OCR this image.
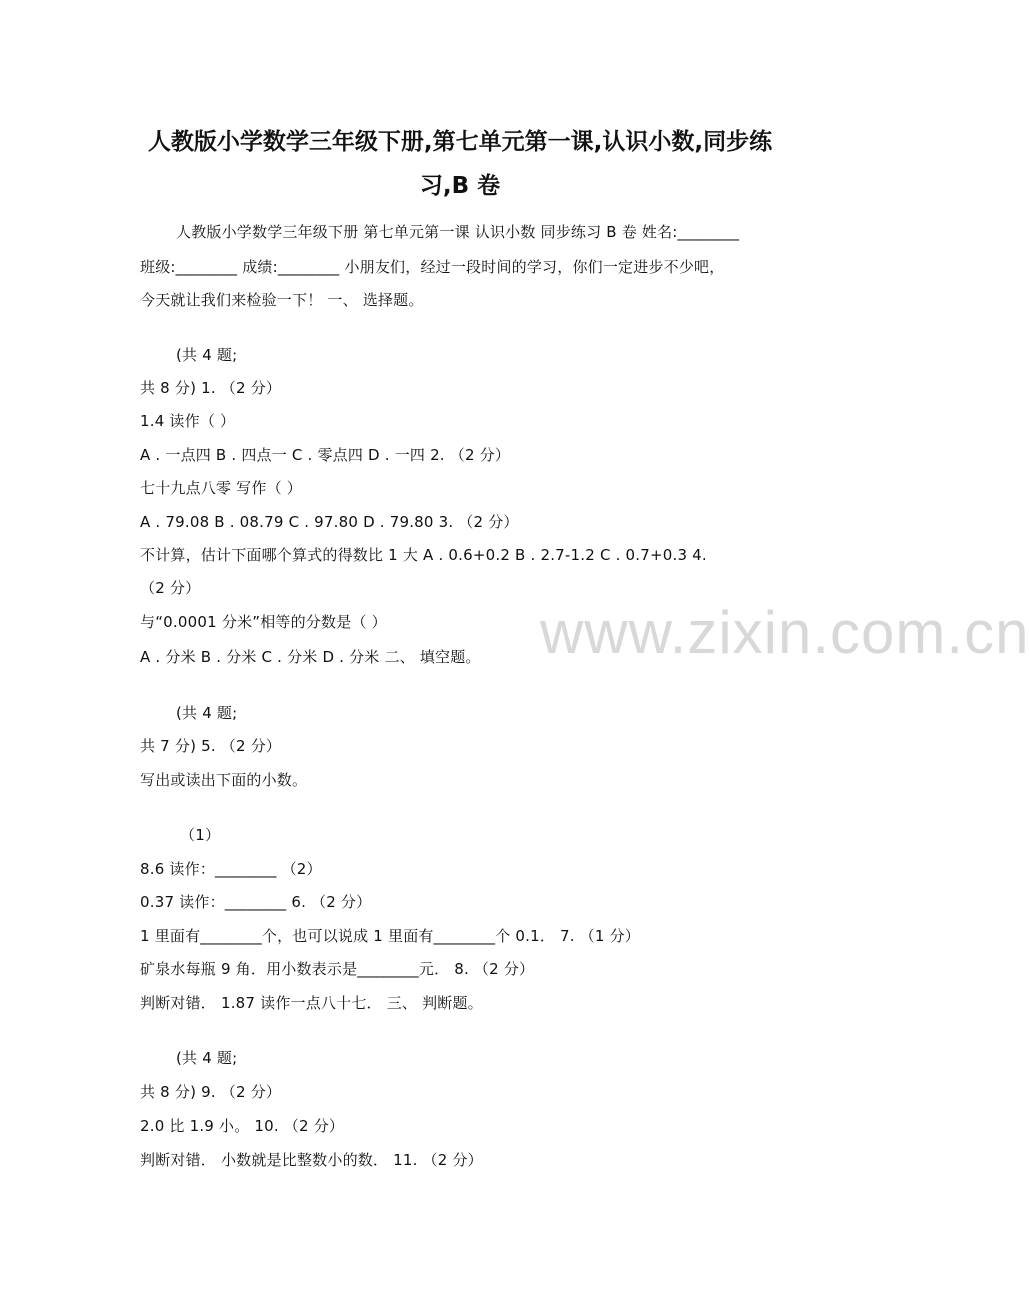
www.zixin.com.cn
人教版小学数学三年级下册,第七单元第一课,认识小数,同步练
习,B 卷
人教版小学数学三年级下册 第七单元第一课 认识小数 同步练习 B 卷 姓名:________
班级:________ 成绩:________ 小朋友们，经过一段时间的学习，你们一定进步不少吧，
今天就让我们来检验一下！ 一、 选择题。
(共 4 题;
共 8 分) 1. （2 分）
1.4 读作（ ）
A . 一点四 B . 四点一 C . 零点四 D . 一四 2. （2 分）
七十九点八零 写作（ ）
A . 79.08 B . 08.79 C . 97.80 D . 79.80 3. （2 分）
不计算，估计下面哪个算式的得数比 1 大 A . 0.6+0.2 B . 2.7-1.2 C . 0.7+0.3 4.
（2 分）
与“0.0001 分米”相等的分数是（ ）
A . 分米 B . 分米 C . 分米 D . 分米 二、 填空题。
(共 4 题;
共 7 分) 5. （2 分）
写出或读出下面的小数。
（1）
8.6 读作：________ （2）
0.37 读作：________ 6. （2 分）
1 里面有________个，也可以说成 1 里面有________个 0.1． 7. （1 分）
矿泉水每瓶 9 角．用小数表示是________元． 8. （2 分）
判断对错． 1.87 读作一点八十七． 三、 判断题。
(共 4 题;
共 8 分) 9. （2 分）
2.0 比 1.9 小。 10. （2 分）
判断对错． 小数就是比整数小的数． 11. （2 分）
